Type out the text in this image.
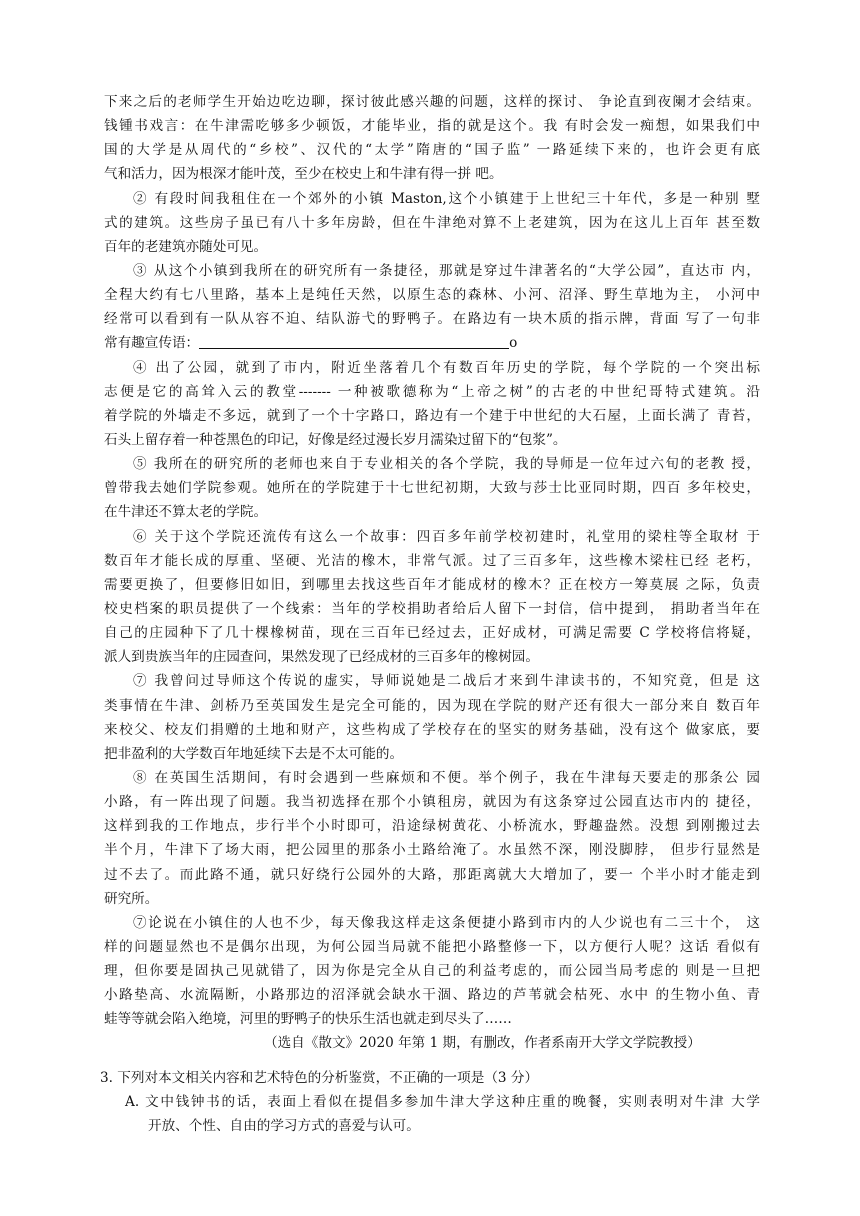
下来之后的老师学生开始边吃边聊，探讨彼此感兴趣的问题，这样的探讨、 争论直到夜阑才会结束。
钱锺书戏言：在牛津需吃够多少顿饭，才能毕业，指的就是这个。我 有时会发一痴想，如果我们中
国的大学是从周代的“乡校”、汉代的“太学”隋唐的“国子监” 一路延续下来的，也许会更有底
气和活力，因为根深才能叶茂，至少在校史上和牛津有得一拼 吧。
② 有段时间我租住在一个郊外的小镇 Maston,这个小镇建于上世纪三十年代，多是一种别 墅
式的建筑。这些房子虽已有八十多年房龄，但在牛津绝对算不上老建筑，因为在这儿上百年 甚至数
百年的老建筑亦随处可见。
③ 从这个小镇到我所在的研究所有一条捷径，那就是穿过牛津著名的“大学公园”，直达市 内，
全程大约有七八里路，基本上是纯任天然，以原生态的森林、小河、沼泽、野生草地为主， 小河中
经常可以看到有一队从容不迫、结队游弋的野鸭子。在路边有一块木质的指示牌，背面 写了一句非
常有趣宣传语：	o
④ 出了公园，就到了市内，附近坐落着几个有数百年历史的学院，每个学院的一个突出标
志便是它的高耸入云的教堂------- 一种被歌德称为“上帝之树”的古老的中世纪哥特式建筑。沿
着学院的外墙走不多远，就到了一个十字路口，路边有一个建于中世纪的大石屋，上面长满了 青苔，
石头上留存着一种苍黑色的印记，好像是经过漫长岁月濡染过留下的“包浆”。
⑤ 我所在的研究所的老师也来自于专业相关的各个学院，我的导师是一位年过六旬的老教 授，
曾带我去她们学院参观。她所在的学院建于十七世纪初期，大致与莎士比亚同时期，四百 多年校史，
在牛津还不算太老的学院。
⑥ 关于这个学院还流传有这么一个故事：四百多年前学校初建时，礼堂用的梁柱等全取材 于
数百年才能长成的厚重、坚硬、光洁的橡木，非常气派。过了三百多年，这些橡木梁柱已经 老朽，
需要更换了，但要修旧如旧，到哪里去找这些百年才能成材的橡木？正在校方一筹莫展 之际，负责
校史档案的职员提供了一个线索：当年的学校捐助者给后人留下一封信，信中提到， 捐助者当年在
自己的庄园种下了几十棵橡树苗，现在三百年已经过去，正好成材，可满足需要 C 学校将信将疑，
派人到贵族当年的庄园查问，果然发现了已经成材的三百多年的橡树园。
⑦ 我曾问过导师这个传说的虚实，导师说她是二战后才来到牛津读书的，不知究竟，但是 这
类事情在牛津、剑桥乃至英国发生是完全可能的，因为现在学院的财产还有很大一部分来自 数百年
来校父、校友们捐赠的土地和财产，这些构成了学校存在的坚实的财务基础，没有这个 做家底，要
把非盈利的大学数百年地延续下去是不太可能的。
⑧ 在英国生活期间，有时会遇到一些麻烦和不便。举个例子，我在牛津每天要走的那条公 园
小路，有一阵出现了问题。我当初选择在那个小镇租房，就因为有这条穿过公园直达市内的 捷径，
这样到我的工作地点，步行半个小时即可，沿途绿树黄花、小桥流水，野趣盎然。没想 到刚搬过去
半个月，牛津下了场大雨，把公园里的那条小土路给淹了。水虽然不深，刚没脚脖， 但步行显然是
过不去了。而此路不通，就只好绕行公园外的大路，那距离就大大增加了，要一 个半小时才能走到
研究所。
⑦论说在小镇住的人也不少，每天像我这样走这条便捷小路到市内的人少说也有二三十个， 这
样的问题显然也不是偶尔出现，为何公园当局就不能把小路整修一下，以方便行人呢？这话 看似有
理，但你要是固执己见就错了，因为你是完全从自己的利益考虑的，而公园当局考虑的 则是一旦把
小路垫高、水流隔断，小路那边的沼泽就会缺水干涸、路边的芦苇就会枯死、水中 的生物小鱼、青
蛙等等就会陷入绝境，河里的野鸭子的快乐生活也就走到尽头了……
（选自《散文》2020 年第 1 期，有删改，作者系南开大学文学院教授）
3. 下列对本文相关内容和艺术特色的分析鉴赏，不正确的一项是（3 分）
A. 文中钱钟书的话，表面上看似在提倡多参加牛津大学这种庄重的晚餐，实则表明对牛津 大学
开放、个性、自由的学习方式的喜爱与认可。
